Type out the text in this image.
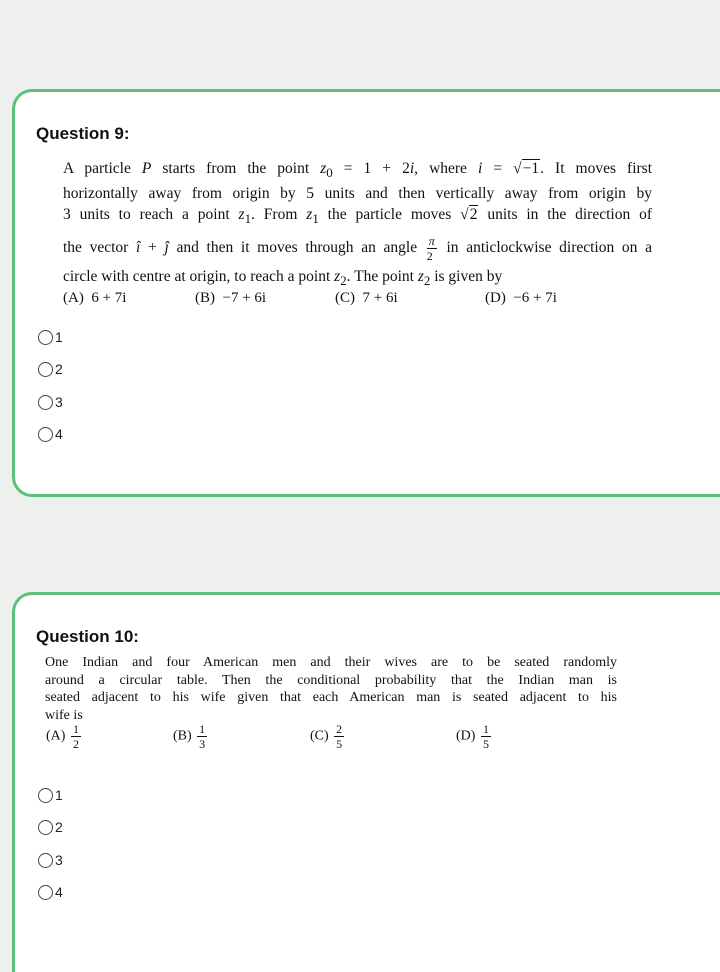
Question 9:
A particle P starts from the point $z_0 = 1 + 2i$, where i = √−1. It moves first
horizontally away from origin by 5 units and then vertically away from origin by
3 units to reach a point $z_1$. From $z_1$ the particle moves √2 units in the direction of
the vector î + ĵ and then it moves through an angle $\frac{\pi}{2}$ in anticlockwise direction on a
circle with centre at origin, to reach a point $z_2$. The point $z_2$ is given by
(A) 6 + 7i	(B) −7 + 6i	(C) 7 + 6i	(D) −6 + 7i
1
2
3
4
Question 10:
One Indian and four American men and their wives are to be seated randomly
around a circular table. Then the conditional probability that the Indian man is
seated adjacent to his wife given that each American man is seated adjacent to his
wife is
$(A) \frac{1}{2}$	$(B) \frac{1}{3}$	$(C) \frac{2}{5}$	$(D) \frac{1}{5}$
1
2
3
4
